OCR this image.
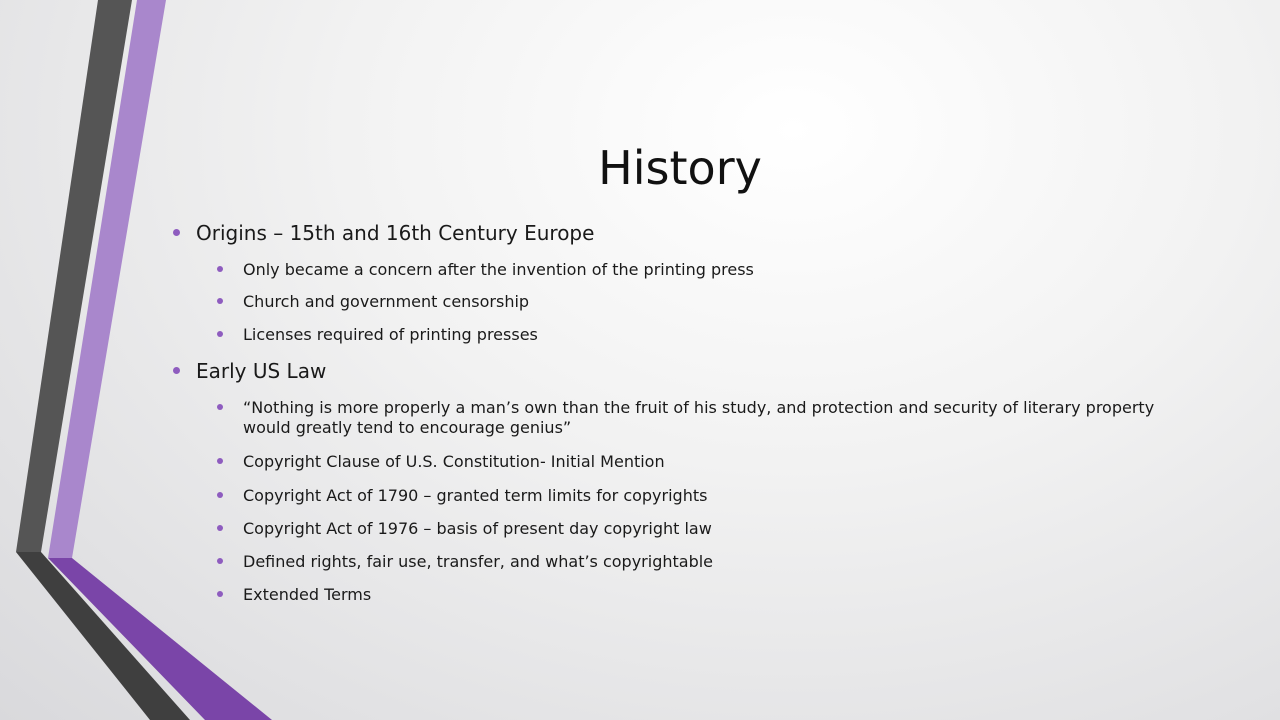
History
Origins – 15th and 16th Century Europe
Only became a concern after the invention of the printing press
Church and government censorship
Licenses required of printing presses
Early US Law
“Nothing is more properly a man’s own than the fruit of his study, and protection and security of literary property would greatly tend to encourage genius”
Copyright Clause of U.S. Constitution- Initial Mention
Copyright Act of 1790 – granted term limits for copyrights
Copyright Act of 1976 – basis of present day copyright law
Defined rights, fair use, transfer, and what’s copyrightable
Extended Terms
